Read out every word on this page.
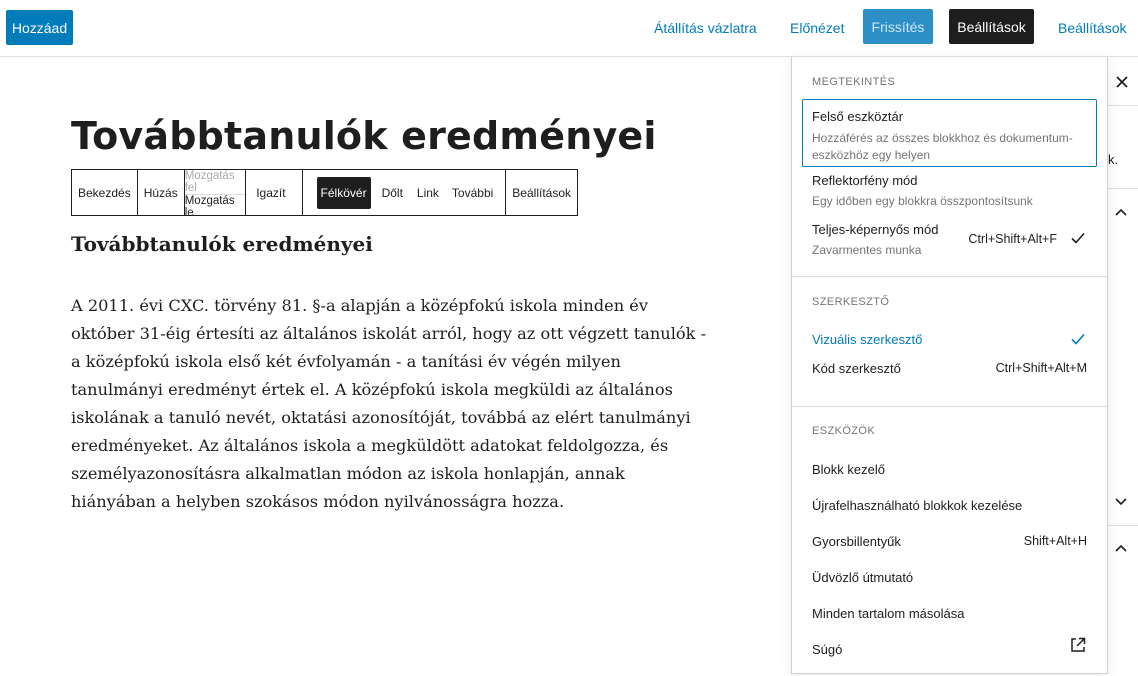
Hozzáad	Átállítás vázlatra Előnézet	Frissítés	Beállítások	Beállítások
Továbbtanulók eredményei
Bekezdés	Húzás
Mozgatás fel
Mozgatás le
Igazít	Félkövér	Dőlt	Link	További	Beállítások
Továbbtanulók eredményei

A 2011. évi CXC. törvény 81. §-a alapján a középfokú iskola minden év október 31-éig értesíti az általános iskolát arról, hogy az ott végzett tanulók - a középfokú iskola első két évfolyamán - a tanítási év végén milyen tanulmányi eredményt értek el. A középfokú iskola megküldi az általános iskolának a tanuló nevét, oktatási azonosítóját, továbbá az elért tanulmányi eredményeket. Az általános iskola a megküldött adatokat feldolgozza, és személyazonosításra alkalmatlan módon az iskola honlapján, annak hiányában a helyben szokásos módon nyilvánosságra hozza.

k.
MEGTEKINTÉS
Felső eszköztár
Hozzáférés az összes blokkhoz és dokumentum-eszközhöz egy helyen
Reflektorfény mód
Egy időben egy blokkra összpontosítsunk
Teljes-képernyős mód
Zavarmentes munka
Ctrl+Shift+Alt+F
SZERKESZTŐ
Vizuális szerkesztő
Kód szerkesztő	Ctrl+Shift+Alt+M
ESZKÖZÖK
Blokk kezelő
Újrafelhasználható blokkok kezelése
Gyorsbillentyűk	Shift+Alt+H
Üdvözlő útmutató
Minden tartalom másolása
Súgó
